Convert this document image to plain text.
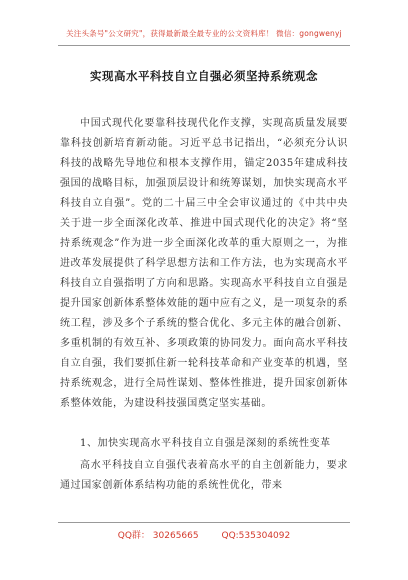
关注头条号"公文研究"，获得最新最全最专业的公文资料库！ 微信：gongwenyj
实现高水平科技自立自强必须坚持系统观念

中国式现代化要靠科技现代化作支撑，实现高质量发展要靠科技创新培育新动能。习近平总书记指出，“必须充分认识科技的战略先导地位和根本支撑作用，锚定2035年建成科技强国的战略目标，加强顶层设计和统筹谋划，加快实现高水平科技自立自强”。党的二十届三中全会审议通过的《中共中央关于进一步全面深化改革、推进中国式现代化的决定》将“坚持系统观念”作为进一步全面深化改革的重大原则之一，为推进改革发展提供了科学思想方法和工作方法，也为实现高水平科技自立自强指明了方向和思路。实现高水平科技自立自强是提升国家创新体系整体效能的题中应有之义，是一项复杂的系统工程，涉及多个子系统的整合优化、多元主体的融合创新、多重机制的有效互补、多项政策的协同发力。面向高水平科技自立自强，我们要抓住新一轮科技革命和产业变革的机遇，坚持系统观念，进行全局性谋划、整体性推进，提升国家创新体系整体效能，为建设科技强国奠定坚实基础。

1、加快实现高水平科技自立自强是深刻的系统性变革

高水平科技自立自强代表着高水平的自主创新能力，要求通过国家创新体系结构功能的系统性优化，带来

QQ群： 30265665	QQ:535304092
